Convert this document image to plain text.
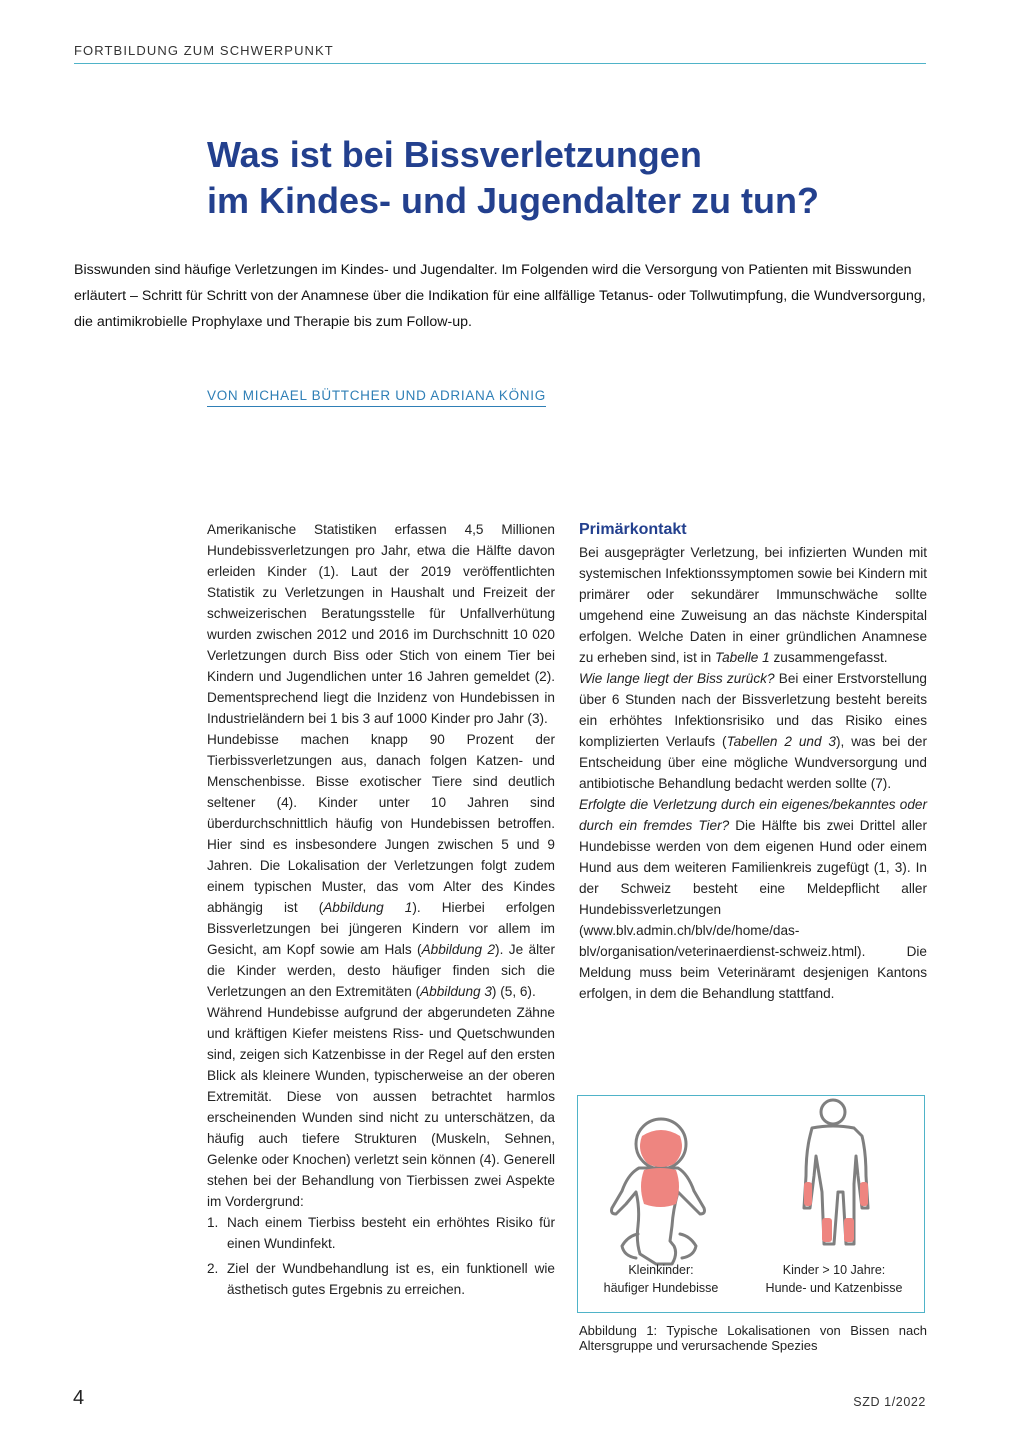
FORTBILDUNG ZUM SCHWERPUNKT
Was ist bei Bissverletzungen
im Kindes- und Jugendalter zu tun?

Bisswunden sind häufige Verletzungen im Kindes- und Jugendalter. Im Folgenden wird die Versorgung von Patienten mit Bisswunden erläutert – Schritt für Schritt von der Anamnese über die Indikation für eine allfällige Tetanus- oder Tollwutimpfung, die Wundversorgung, die antimikrobielle Prophylaxe und Therapie bis zum Follow-up.

VON MICHAEL BÜTTCHER UND ADRIANA KÖNIG

Amerikanische Statistiken erfassen 4,5 Millionen Hundebissverletzungen pro Jahr, etwa die Hälfte davon erleiden Kinder (1). Laut der 2019 veröffentlichten Statistik zu Verletzungen in Haushalt und Freizeit der schweizerischen Beratungsstelle für Unfallverhütung wurden zwischen 2012 und 2016 im Durchschnitt 10 020 Verletzungen durch Biss oder Stich von einem Tier bei Kindern und Jugendlichen unter 16 Jahren gemeldet (2). Dementsprechend liegt die Inzidenz von Hundebissen in Industrieländern bei 1 bis 3 auf 1000 Kinder pro Jahr (3).

Hundebisse machen knapp 90 Prozent der Tierbissverletzungen aus, danach folgen Katzen- und Menschenbisse. Bisse exotischer Tiere sind deutlich seltener (4). Kinder unter 10 Jahren sind überdurchschnittlich häufig von Hundebissen betroffen. Hier sind es insbesondere Jungen zwischen 5 und 9 Jahren. Die Lokalisation der Verletzungen folgt zudem einem typischen Muster, das vom Alter des Kindes abhängig ist (Abbildung 1). Hierbei erfolgen Bissverletzungen bei jüngeren Kindern vor allem im Gesicht, am Kopf sowie am Hals (Abbildung 2). Je älter die Kinder werden, desto häufiger finden sich die Verletzungen an den Extremitäten (Abbildung 3) (5, 6).

Während Hundebisse aufgrund der abgerundeten Zähne und kräftigen Kiefer meistens Riss- und Quetschwunden sind, zeigen sich Katzenbisse in der Regel auf den ersten Blick als kleinere Wunden, typischerweise an der oberen Extremität. Diese von aussen betrachtet harmlos erscheinenden Wunden sind nicht zu unterschätzen, da häufig auch tiefere Strukturen (Muskeln, Sehnen, Gelenke oder Knochen) verletzt sein können (4). Generell stehen bei der Behandlung von Tierbissen zwei Aspekte im Vordergrund:

1. Nach einem Tierbiss besteht ein erhöhtes Risiko für einen Wundinfekt.
2. Ziel der Wundbehandlung ist es, ein funktionell wie ästhetisch gutes Ergebnis zu erreichen.
Primärkontakt

Bei ausgeprägter Verletzung, bei infizierten Wunden mit systemischen Infektionssymptomen sowie bei Kindern mit primärer oder sekundärer Immunschwäche sollte umgehend eine Zuweisung an das nächste Kinderspital erfolgen. Welche Daten in einer gründlichen Anamnese zu erheben sind, ist in Tabelle 1 zusammengefasst.

Wie lange liegt der Biss zurück? Bei einer Erstvorstellung über 6 Stunden nach der Bissverletzung besteht bereits ein erhöhtes Infektionsrisiko und das Risiko eines komplizierten Verlaufs (Tabellen 2 und 3), was bei der Entscheidung über eine mögliche Wundversorgung und antibiotische Behandlung bedacht werden sollte (7).

Erfolgte die Verletzung durch ein eigenes/bekanntes oder durch ein fremdes Tier? Die Hälfte bis zwei Drittel aller Hundebisse werden von dem eigenen Hund oder einem Hund aus dem weiteren Familienkreis zugefügt (1, 3). In der Schweiz besteht eine Meldepflicht aller Hundebissverletzungen (www.blv.admin.ch/blv/de/home/das-blv/organisation/veterinaerdienst-schweiz.html). Die Meldung muss beim Veterinäramt desjenigen Kantons erfolgen, in dem die Behandlung stattfand.

Kleinkinder:
häufiger Hundebisse
Kinder > 10 Jahre:
Hunde- und Katzenbisse
Abbildung 1: Typische Lokalisationen von Bissen nach Altersgruppe und verursachende Spezies
4	SZD 1/2022
